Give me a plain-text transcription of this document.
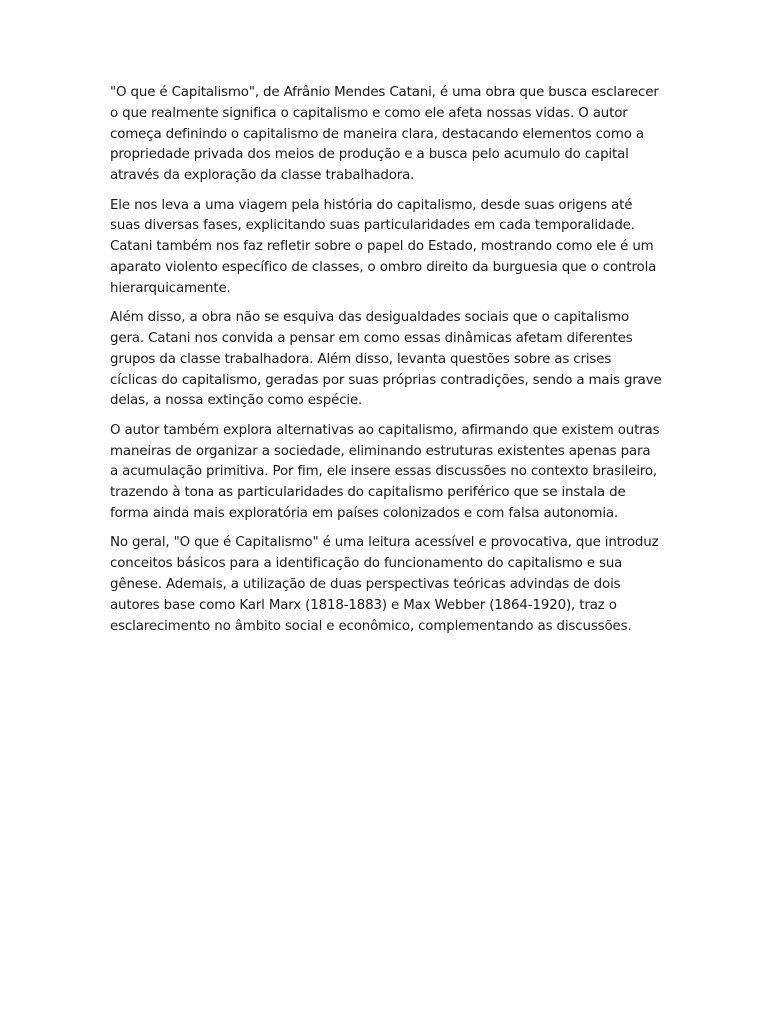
"O que é Capitalismo", de Afrânio Mendes Catani, é uma obra que busca esclarecer o que realmente significa o capitalismo e como ele afeta nossas vidas. O autor começa definindo o capitalismo de maneira clara, destacando elementos como a propriedade privada dos meios de produção e a busca pelo acumulo do capital através da exploração da classe trabalhadora.

Ele nos leva a uma viagem pela história do capitalismo, desde suas origens até suas diversas fases, explicitando suas particularidades em cada temporalidade. Catani também nos faz refletir sobre o papel do Estado, mostrando como ele é um aparato violento específico de classes, o ombro direito da burguesia que o controla hierarquicamente.

Além disso, a obra não se esquiva das desigualdades sociais que o capitalismo gera. Catani nos convida a pensar em como essas dinâmicas afetam diferentes grupos da classe trabalhadora. Além disso, levanta questões sobre as crises cíclicas do capitalismo, geradas por suas próprias contradições, sendo a mais grave delas, a nossa extinção como espécie.

O autor também explora alternativas ao capitalismo, afirmando que existem outras maneiras de organizar a sociedade, eliminando estruturas existentes apenas para a acumulação primitiva. Por fim, ele insere essas discussões no contexto brasileiro, trazendo à tona as particularidades do capitalismo periférico que se instala de forma ainda mais exploratória em países colonizados e com falsa autonomia.

No geral, "O que é Capitalismo" é uma leitura acessível e provocativa, que introduz conceitos básicos para a identificação do funcionamento do capitalismo e sua gênese. Ademais, a utilização de duas perspectivas teóricas advindas de dois autores base como Karl Marx (1818-1883) e Max Webber (1864-1920), traz o esclarecimento no âmbito social e econômico, complementando as discussões.
